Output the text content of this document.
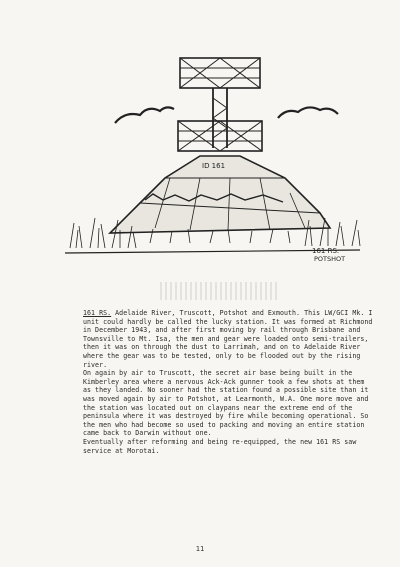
ID 161
161 RS.
POTSHOT

161 RS. Adelaide River, Truscott, Potshot and Exmouth. This LW/GCI Mk. I unit could hardly be called the lucky station. It was formed at Richmond in December 1943, and after first moving by rail through Brisbane and Townsville to Mt. Isa, the men and gear were loaded onto semi-trailers, then it was on through the dust to Larrimah, and on to Adelaide River where the gear was to be tested, only to be flooded out by the rising river.

On again by air to Truscott, the secret air base being built in the Kimberley area where a nervous Ack-Ack gunner took a few shots at them as they landed. No sooner had the station found a possible site than it was moved again by air to Potshot, at Learmonth, W.A. One more move and the station was located out on claypans near the extreme end of the peninsula where it was destroyed by fire while becoming operational. So the men who had become so used to packing and moving an entire station came back to Darwin without one.

Eventually after reforming and being re-equipped, the new 161 RS saw service at Morotai.

11
